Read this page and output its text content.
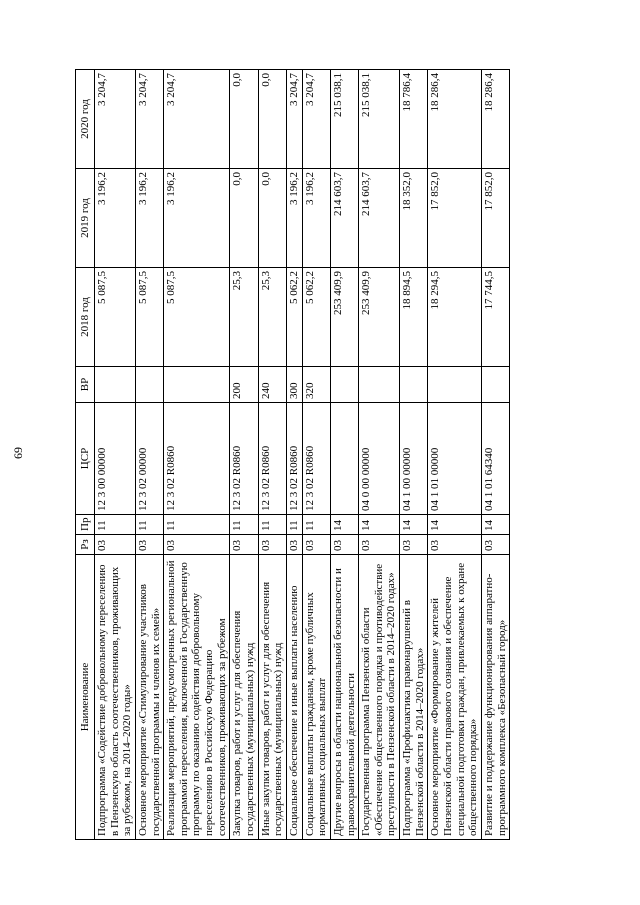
69
Наименование	Рз	Пр	ЦСР	ВР	2018 год	2019 год	2020 год
Подпрограмма «Содействие добровольному переселению в Пензенскую область соотечественников, проживающих за рубежом, на 2014–2020 годы»	03	11	12 3 00 00000		5 087,5	3 196,2	3 204,7
Основное мероприятие «Стимулирование участников государственной программы и членов их семей»	03	11	12 3 02 00000		5 087,5	3 196,2	3 204,7
Реализация мероприятий, предусмотренных региональной программой переселения, включенной в Государственную программу по оказанию содействия добровольному переселению в Российскую Федерацию соотечественников, проживающих за рубежом	03	11	12 3 02 R0860		5 087,5	3 196,2	3 204,7
Закупка товаров, работ и услуг для обеспечения государственных (муниципальных) нужд	03	11	12 3 02 R0860	200	25,3	0,0	0,0
Иные закупки товаров, работ и услуг для обеспечения государственных (муниципальных) нужд	03	11	12 3 02 R0860	240	25,3	0,0	0,0
Социальное обеспечение и иные выплаты населению	03	11	12 3 02 R0860	300	5 062,2	3 196,2	3 204,7
Социальные выплаты гражданам, кроме публичных нормативных социальных выплат	03	11	12 3 02 R0860	320	5 062,2	3 196,2	3 204,7
Другие вопросы в области национальной безопасности и правоохранительной деятельности	03	14			253 409,9	214 603,7	215 038,1
Государственная программа Пензенской области «Обеспечение общественного порядка и противодействие преступности в Пензенской области в 2014–2020 годах»	03	14	04 0 00 00000		253 409,9	214 603,7	215 038,1
Подпрограмма «Профилактика правонарушений в Пензенской области в 2014–2020 годах»	03	14	04 1 00 00000		18 894,5	18 352,0	18 786,4
Основное мероприятие «Формирование у жителей Пензенской области правового сознания и обеспечение специальной подготовки граждан, привлекаемых к охране общественного порядка»	03	14	04 1 01 00000		18 294,5	17 852,0	18 286,4
Развитие и поддержание функционирования аппаратно-программного комплекса «Безопасный город»	03	14	04 1 01 64340		17 744,5	17 852,0	18 286,4
